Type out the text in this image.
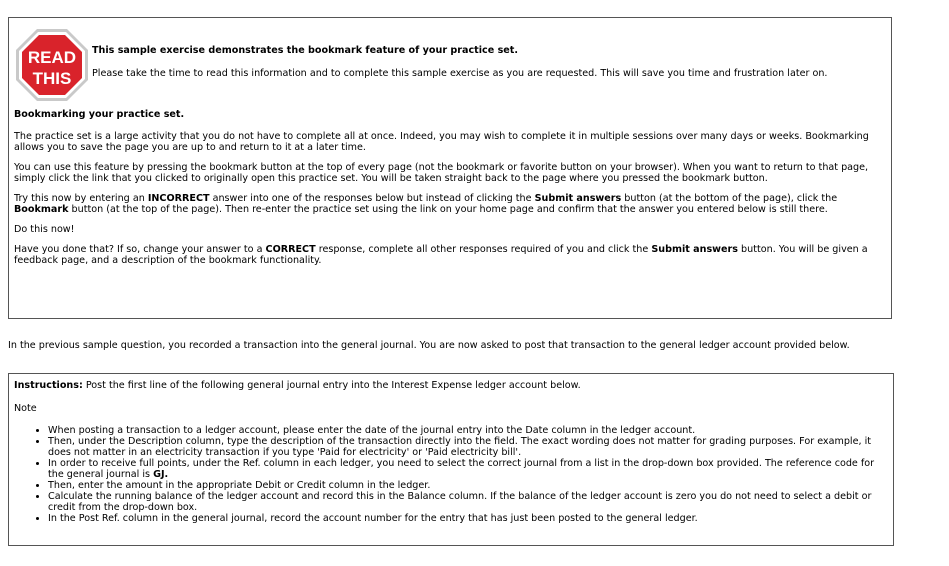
READ
THIS
This sample exercise demonstrates the bookmark feature of your practice set.
Please take the time to read this information and to complete this sample exercise as you are requested. This will save you time and frustration later on.

Bookmarking your practice set.

The practice set is a large activity that you do not have to complete all at once. Indeed, you may wish to complete it in multiple sessions over many days or weeks. Bookmarking allows you to save the page you are up to and return to it at a later time.

You can use this feature by pressing the bookmark button at the top of every page (not the bookmark or favorite button on your browser). When you want to return to that page, simply click the link that you clicked to originally open this practice set. You will be taken straight back to the page where you pressed the bookmark button.

Try this now by entering an INCORRECT answer into one of the responses below but instead of clicking the Submit answers button (at the bottom of the page), click the Bookmark button (at the top of the page). Then re-enter the practice set using the link on your home page and confirm that the answer you entered below is still there.

Do this now!

Have you done that? If so, change your answer to a CORRECT response, complete all other responses required of you and click the Submit answers button. You will be given a feedback page, and a description of the bookmark functionality.

In the previous sample question, you recorded a transaction into the general journal. You are now asked to post that transaction to the general ledger account provided below.
Instructions: Post the first line of the following general journal entry into the Interest Expense ledger account below.
Note
• When posting a transaction to a ledger account, please enter the date of the journal entry into the Date column in the ledger account.
• Then, under the Description column, type the description of the transaction directly into the field. The exact wording does not matter for grading purposes. For example, it does not matter in an electricity transaction if you type 'Paid for electricity' or 'Paid electricity bill'.
• In order to receive full points, under the Ref. column in each ledger, you need to select the correct journal from a list in the drop-down box provided. The reference code for the general journal is GJ.
• Then, enter the amount in the appropriate Debit or Credit column in the ledger.
• Calculate the running balance of the ledger account and record this in the Balance column. If the balance of the ledger account is zero you do not need to select a debit or credit from the drop-down box.
• In the Post Ref. column in the general journal, record the account number for the entry that has just been posted to the general ledger.
